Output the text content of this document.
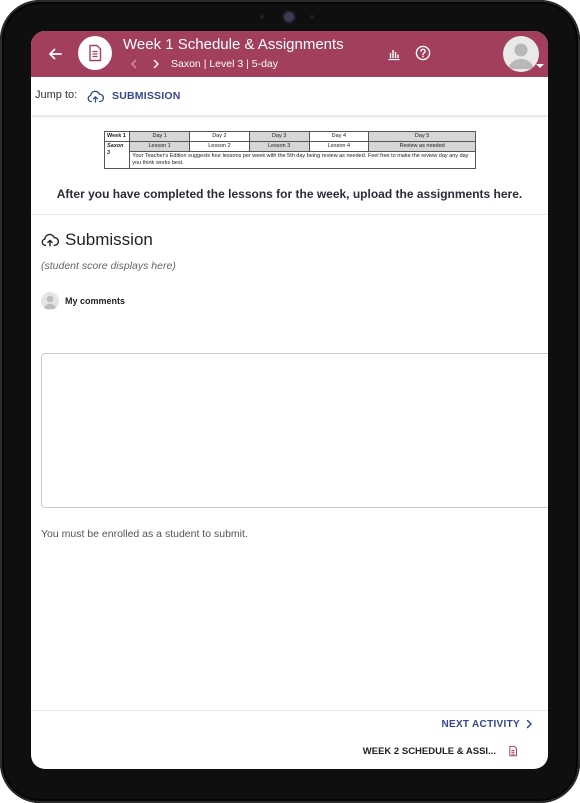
Week 1 Schedule & Assignments
Saxon | Level 3 | 5-day
Jump to:	SUBMISSION
Week 1	Day 1	Day 2	Day 3	Day 4	Day 5
Saxon 3	Lesson 1	Lesson 2	Lesson 3	Lesson 4	Review as needed
	Your Teacher's Edition suggests four lessons per week with the 5th day being review as needed. Feel free to make the review day any day you think works best.				
After you have completed the lessons for the week, upload the assignments here.
Submission
(student score displays here)
My comments
You must be enrolled as a student to submit.
NEXT ACTIVITY
WEEK 2 SCHEDULE & ASSI...
